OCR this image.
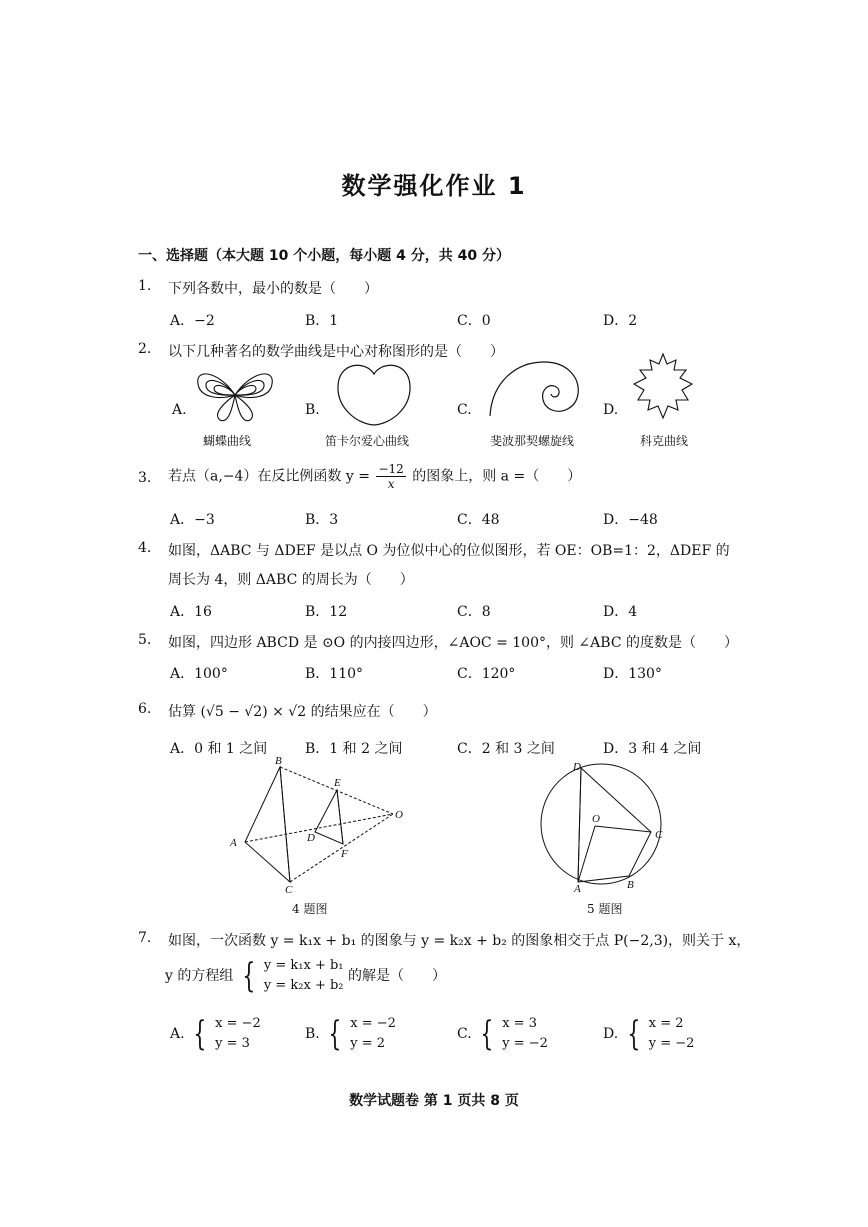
数学强化作业 1
一、选择题（本大题 10 个小题，每小题 4 分，共 40 分）
1. 下列各数中，最小的数是（　　）
A．−2	B．1	C．0	D．2
2. 以下几种著名的数学曲线是中心对称图形的是（　　）
A.	B.	C.	D.
蝴蝶曲线	笛卡尔爱心曲线	斐波那契螺旋线	科克曲线
3. 若点（a,−4）在反比例函数 $y = \frac{-12}{x}$ 的图象上，则 a =（　　）
A．−3	B．3	C．48	D．−48
4. 如图，ΔABC 与 ΔDEF 是以点 O 为位似中心的位似图形，若 OE：OB=1：2，ΔDEF 的
周长为 4，则 ΔABC 的周长为（　　）
A．16	B．12	C．8	D．4
5. 如图，四边形 ABCD 是 ⊙O 的内接四边形，∠AOC = 100°，则 ∠ABC 的度数是（　　）
A．100°	B．110°	C．120°	D．130°
6. 估算 (√5 − √2) × √2 的结果应在（　　）
A．0 和 1 之间	B．1 和 2 之间	C．2 和 3 之间	D．3 和 4 之间
B
A
C
E
D
F
O
4 题图
D
O
C
B
A
5 题图
7. 如图，一次函数 y = k₁x + b₁ 的图象与 y = k₂x + b₂ 的图象相交于点 P(−2,3)，则关于 x，
y 的方程组 { y = k₁x + b₁
y = k₂x + b₂
的解是（　　）
A. { x = −2
y = 3
B. { x = −2
y = 2
C. { x = 3
y = −2
D. { x = 2
y = −2
数学试题卷 第 1 页共 8 页
